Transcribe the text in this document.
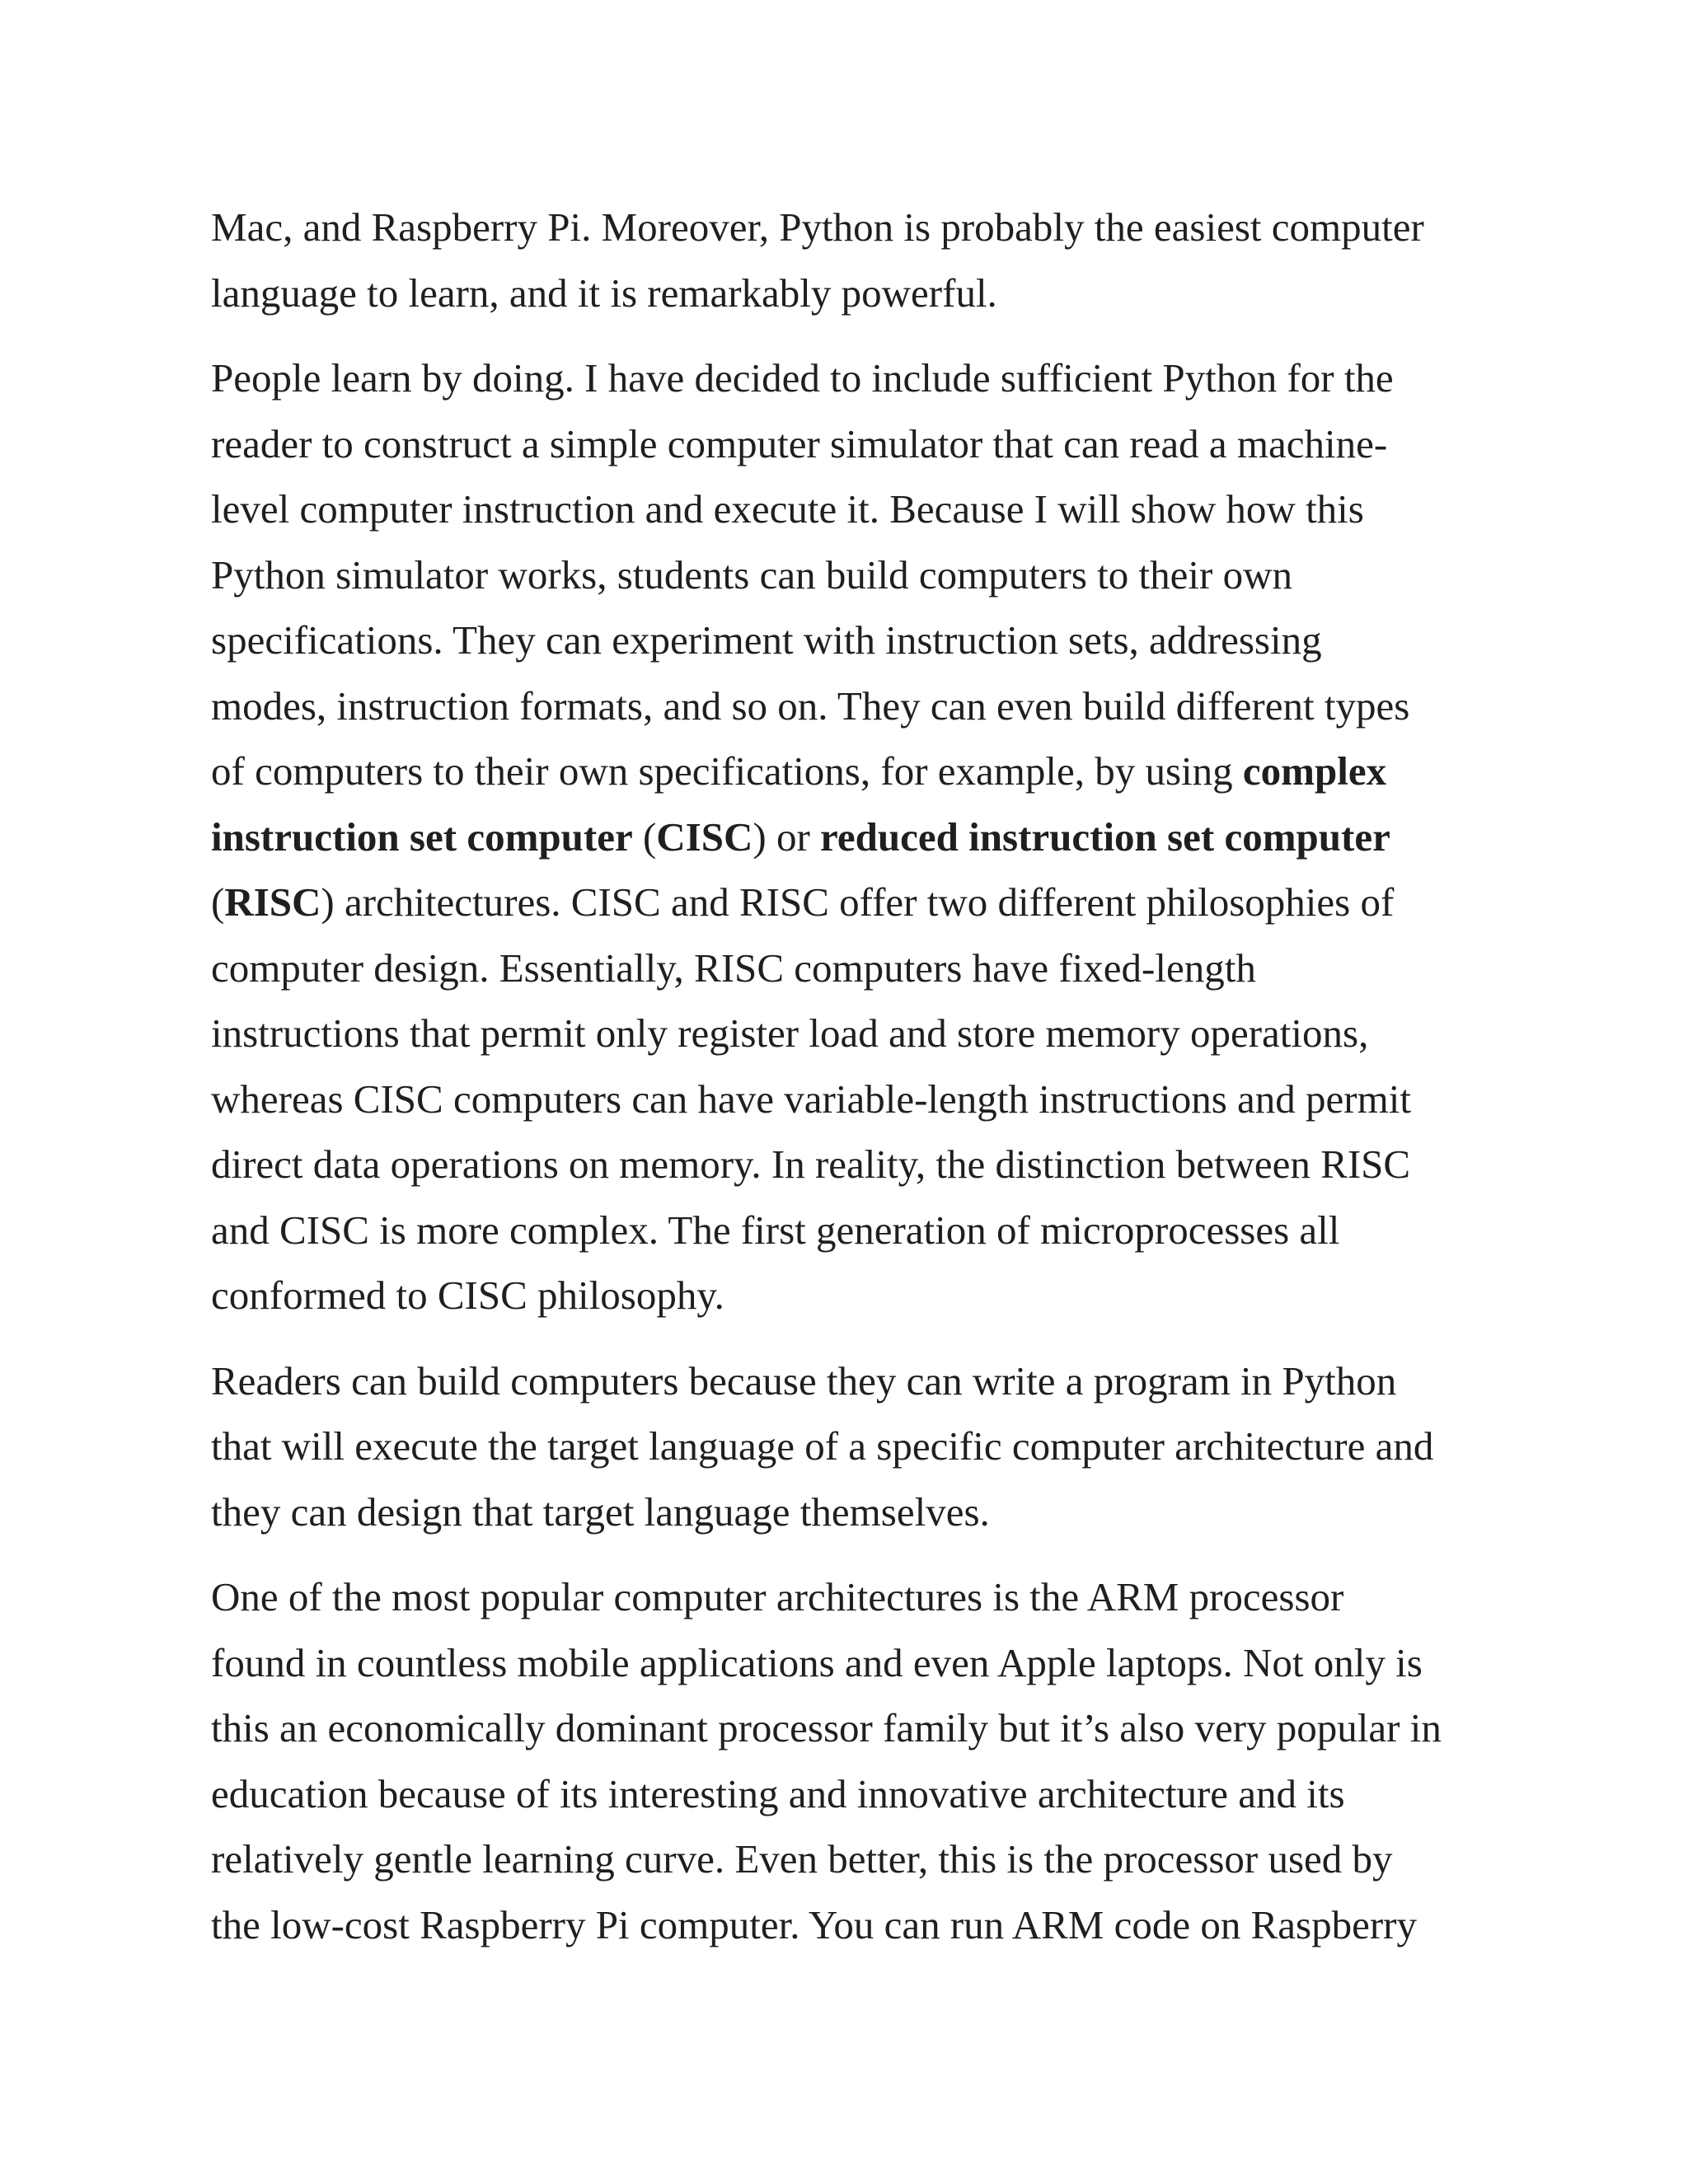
Mac, and Raspberry Pi. Moreover, Python is probably the easiest computer
language to learn, and it is remarkably powerful.

People learn by doing. I have decided to include sufficient Python for the
reader to construct a simple computer simulator that can read a machine-
level computer instruction and execute it. Because I will show how this
Python simulator works, students can build computers to their own
specifications. They can experiment with instruction sets, addressing
modes, instruction formats, and so on. They can even build different types
of computers to their own specifications, for example, by using complex
instruction set computer (CISC) or reduced instruction set computer
(RISC) architectures. CISC and RISC offer two different philosophies of
computer design. Essentially, RISC computers have fixed-length
instructions that permit only register load and store memory operations,
whereas CISC computers can have variable-length instructions and permit
direct data operations on memory. In reality, the distinction between RISC
and CISC is more complex. The first generation of microprocesses all
conformed to CISC philosophy.

Readers can build computers because they can write a program in Python
that will execute the target language of a specific computer architecture and
they can design that target language themselves.

One of the most popular computer architectures is the ARM processor
found in countless mobile applications and even Apple laptops. Not only is
this an economically dominant processor family but it’s also very popular in
education because of its interesting and innovative architecture and its
relatively gentle learning curve. Even better, this is the processor used by
the low-cost Raspberry Pi computer. You can run ARM code on Raspberry
